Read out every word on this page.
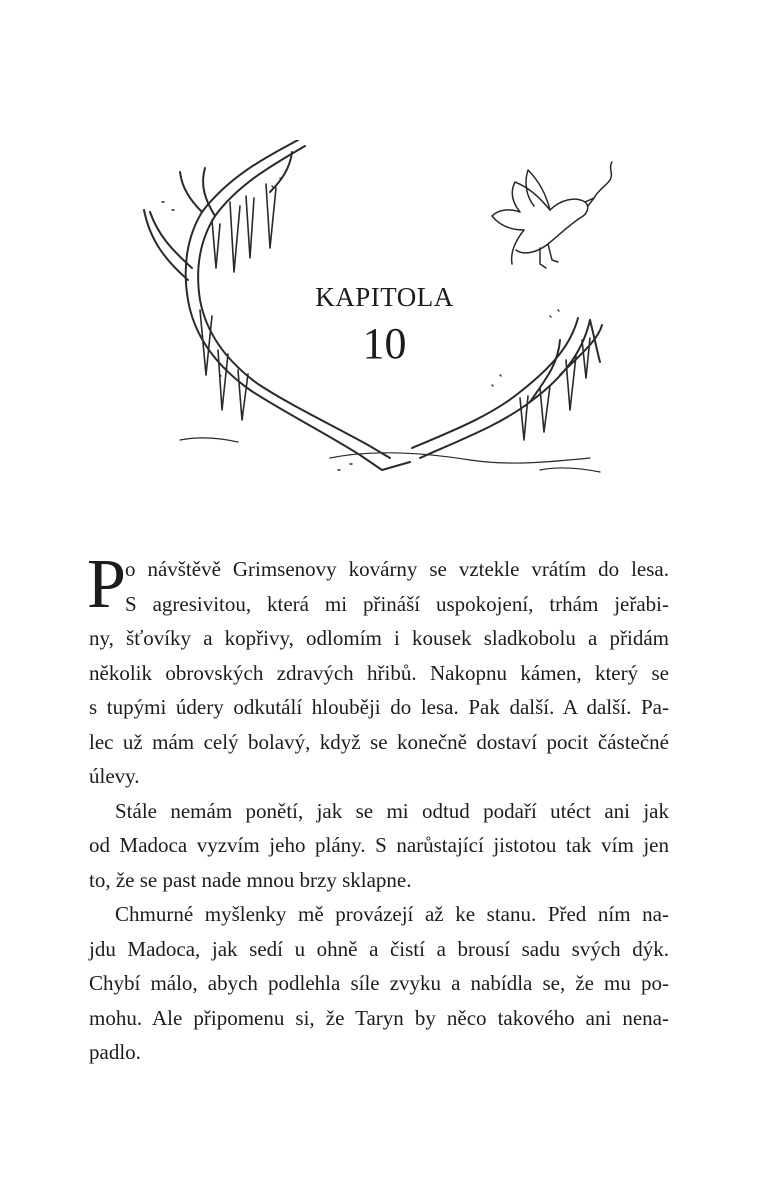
KAPITOLA
10
P o návštěvě Grimsenovy kovárny se vztekle vrátím do lesa.
S agresivitou, která mi přináší uspokojení, trhám jeřabi-
ny, šťovíky a kopřivy, odlomím i kousek sladkobolu a přidám
několik obrovských zdravých hřibů. Nakopnu kámen, který se
s tupými údery odkutálí hlouběji do lesa. Pak další. A další. Pa-
lec už mám celý bolavý, když se konečně dostaví pocit částečné
úlevy.
Stále nemám ponětí, jak se mi odtud podaří utéct ani jak
od Madoca vyzvím jeho plány. S narůstající jistotou tak vím jen
to, že se past nade mnou brzy sklapne.
Chmurné myšlenky mě provázejí až ke stanu. Před ním na-
jdu Madoca, jak sedí u ohně a čistí a brousí sadu svých dýk.
Chybí málo, abych podlehla síle zvyku a nabídla se, že mu po-
mohu. Ale připomenu si, že Taryn by něco takového ani nena-
padlo.
